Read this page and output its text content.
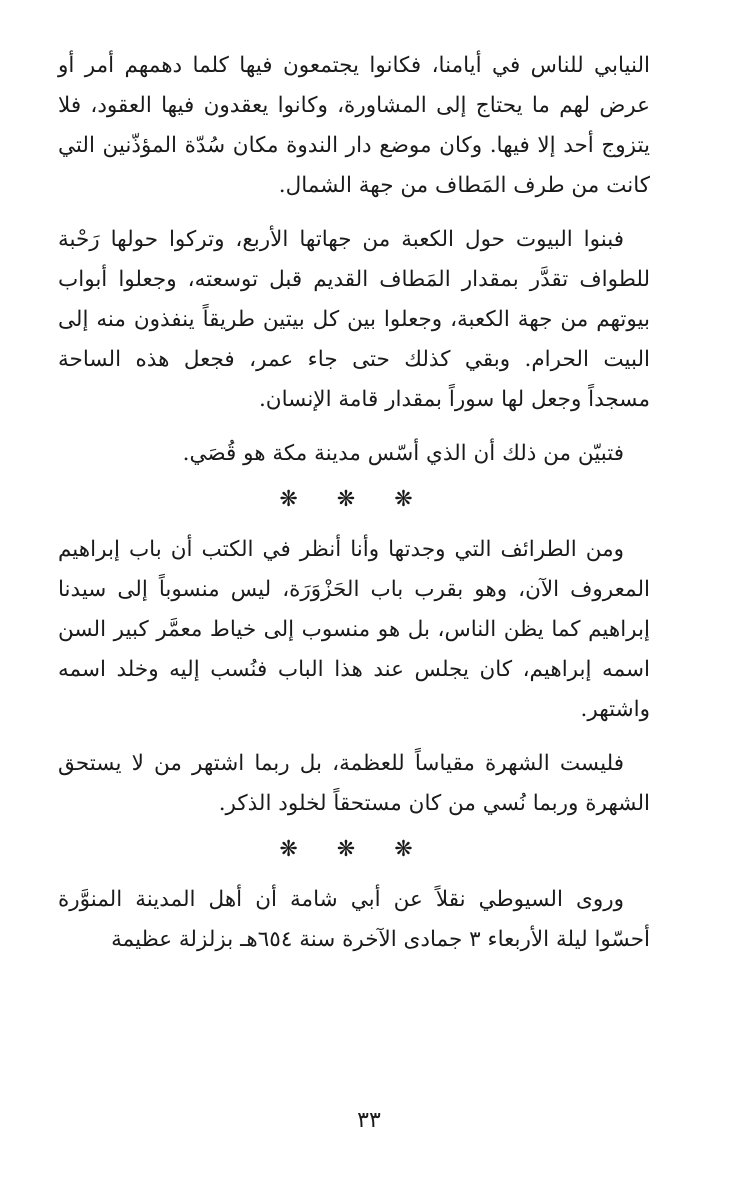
النيابي للناس في أيامنا، فكانوا يجتمعون فيها كلما دهمهم أمر أو عرض لهم ما يحتاج إلى المشاورة، وكانوا يعقدون فيها العقود، فلا يتزوج أحد إلا فيها. وكان موضع دار الندوة مكان سُدّة المؤذّنين التي كانت من طرف المَطاف من جهة الشمال.

فبنوا البيوت حول الكعبة من جهاتها الأربع، وتركوا حولها رَحْبة للطواف تقدَّر بمقدار المَطاف القديم قبل توسعته، وجعلوا أبواب بيوتهم من جهة الكعبة، وجعلوا بين كل بيتين طريقاً ينفذون منه إلى البيت الحرام. وبقي كذلك حتى جاء عمر، فجعل هذه الساحة مسجداً وجعل لها سوراً بمقدار قامة الإنسان.

فتبيّن من ذلك أن الذي أسّس مدينة مكة هو قُصَي.

❋ ❋ ❋

ومن الطرائف التي وجدتها وأنا أنظر في الكتب أن باب إبراهيم المعروف الآن، وهو بقرب باب الحَزْوَرَة، ليس منسوباً إلى سيدنا إبراهيم كما يظن الناس، بل هو منسوب إلى خياط معمَّر كبير السن اسمه إبراهيم، كان يجلس عند هذا الباب فنُسب إليه وخلد اسمه واشتهر.

فليست الشهرة مقياساً للعظمة، بل ربما اشتهر من لا يستحق الشهرة وربما نُسي من كان مستحقاً لخلود الذكر.

❋ ❋ ❋

وروى السيوطي نقلاً عن أبي شامة أن أهل المدينة المنوَّرة أحسّوا ليلة الأربعاء ٣ جمادى الآخرة سنة ٦٥٤هـ بزلزلة عظيمة

٣٣
